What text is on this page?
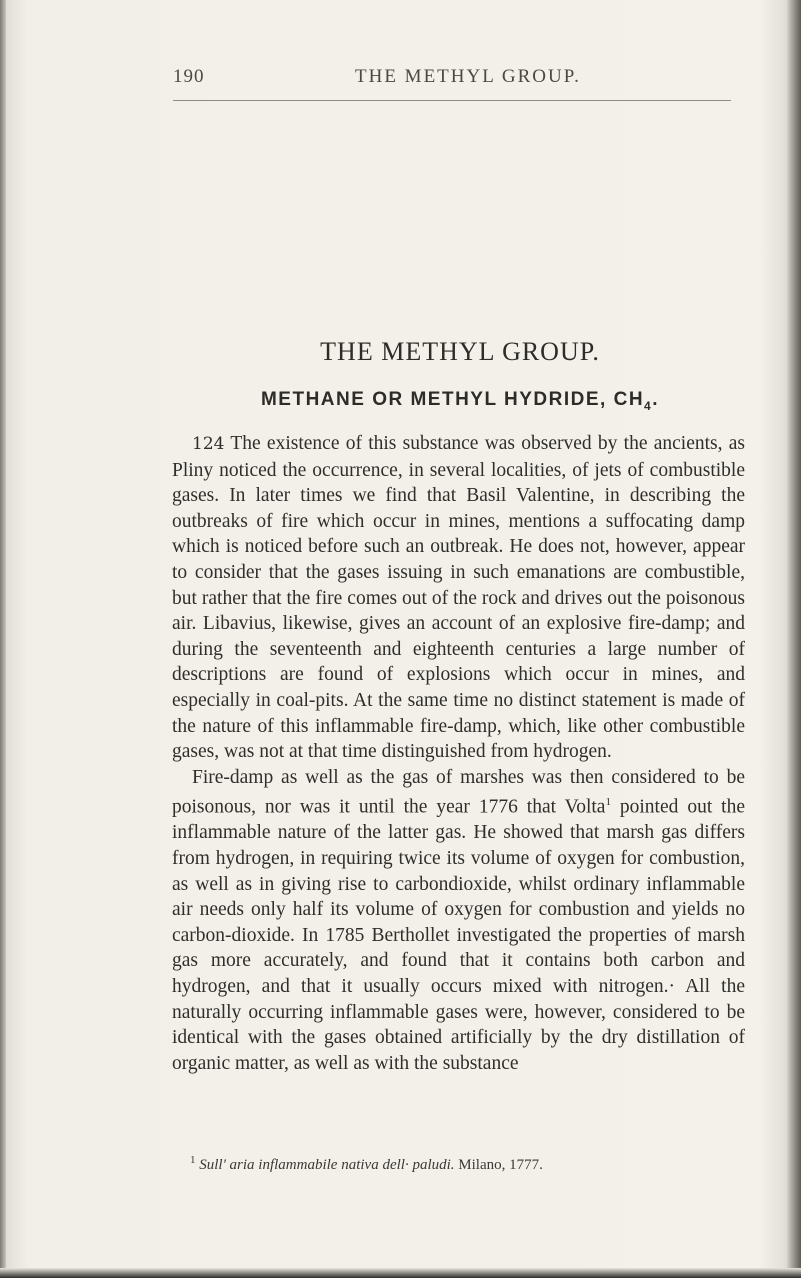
190	THE METHYL GROUP.
THE METHYL GROUP.
METHANE OR METHYL HYDRIDE, $CH_4$.

124 The existence of this substance was observed by the ancients, as Pliny noticed the occurrence, in several localities, of jets of combustible gases. In later times we find that Basil Valentine, in describing the outbreaks of fire which occur in mines, mentions a suffocating damp which is noticed before such an outbreak. He does not, however, appear to consider that the gases issuing in such emanations are combustible, but rather that the fire comes out of the rock and drives out the poisonous air. Libavius, likewise, gives an account of an explosive fire-damp; and during the seventeenth and eighteenth centuries a large number of descriptions are found of explosions which occur in mines, and especially in coal-pits. At the same time no distinct statement is made of the nature of this inflammable fire-damp, which, like other combustible gases, was not at that time distinguished from hydrogen.

Fire-damp as well as the gas of marshes was then considered to be poisonous, nor was it until the year 1776 that Volta$^1$ pointed out the inflammable nature of the latter gas. He showed that marsh gas differs from hydrogen, in requiring twice its volume of oxygen for combustion, as well as in giving rise to carbondioxide, whilst ordinary inflammable air needs only half its volume of oxygen for combustion and yields no carbon-dioxide. In 1785 Berthollet investigated the properties of marsh gas more accurately, and found that it contains both carbon and hydrogen, and that it usually occurs mixed with nitrogen.· All the naturally occurring inflammable gases were, however, considered to be identical with the gases obtained artificially by the dry distillation of organic matter, as well as with the substance

$^1$ Sull' aria inflammabile nativa dell· paludi. Milano, 1777.
